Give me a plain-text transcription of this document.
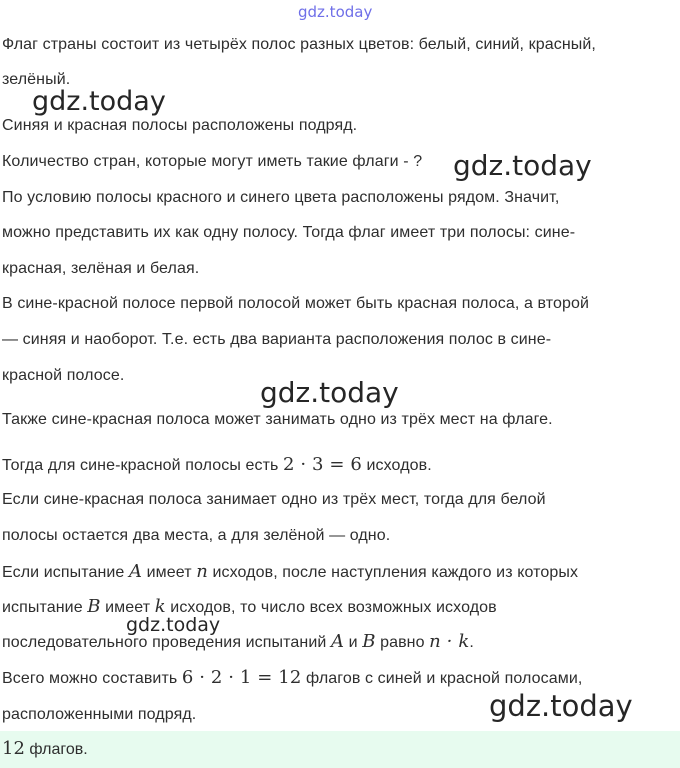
gdz.today
Флаг страны состоит из четырёх полос разных цветов: белый, синий, красный,
зелёный.
Синяя и красная полосы расположены подряд.
Количество стран, которые могут иметь такие флаги - ?
По условию полосы красного и синего цвета расположены рядом. Значит,
можно представить их как одну полосу. Тогда флаг имеет три полосы: сине-
красная, зелёная и белая.
В сине-красной полосе первой полосой может быть красная полоса, а второй
— синяя и наоборот. Т.е. есть два варианта расположения полос в сине-
красной полосе.
Также сине-красная полоса может занимать одно из трёх мест на флаге.
Тогда для сине-красной полосы есть 2 · 3 = 6 исходов.
Если сине-красная полоса занимает одно из трёх мест, тогда для белой
полосы остается два места, а для зелёной — одно.
Если испытание A имеет n исходов, после наступления каждого из которых
испытание B имеет k исходов, то число всех возможных исходов
последовательного проведения испытаний A и B равно n · k.
Всего можно составить 6 · 2 · 1 = 12 флагов с синей и красной полосами,
расположенными подряд.
12 флагов.
gdz.today
gdz.today
gdz.today
gdz.today
gdz.today
